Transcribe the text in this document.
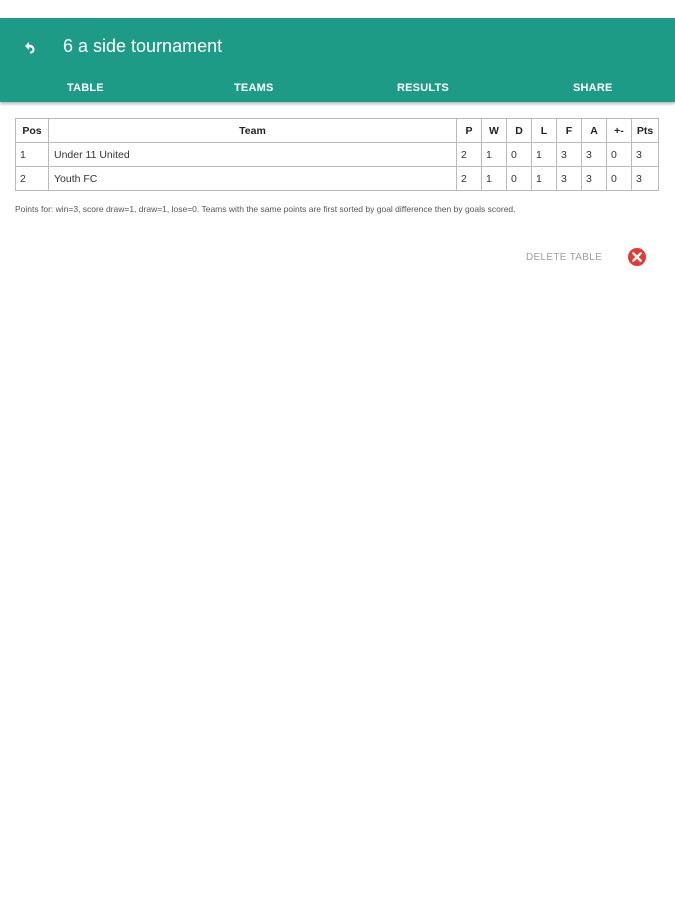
6 a side tournament
TABLE	TEAMS	RESULTS	SHARE
Pos	Team	P	W	D	L	F	A	+-	Pts
1	Under 11 United	2	1	0	1	3	3	0	3
2	Youth FC	2	1	0	1	3	3	0	3
Points for: win=3, score draw=1, draw=1, lose=0. Teams with the same points are first sorted by goal difference then by goals scored.
DELETE TABLE
